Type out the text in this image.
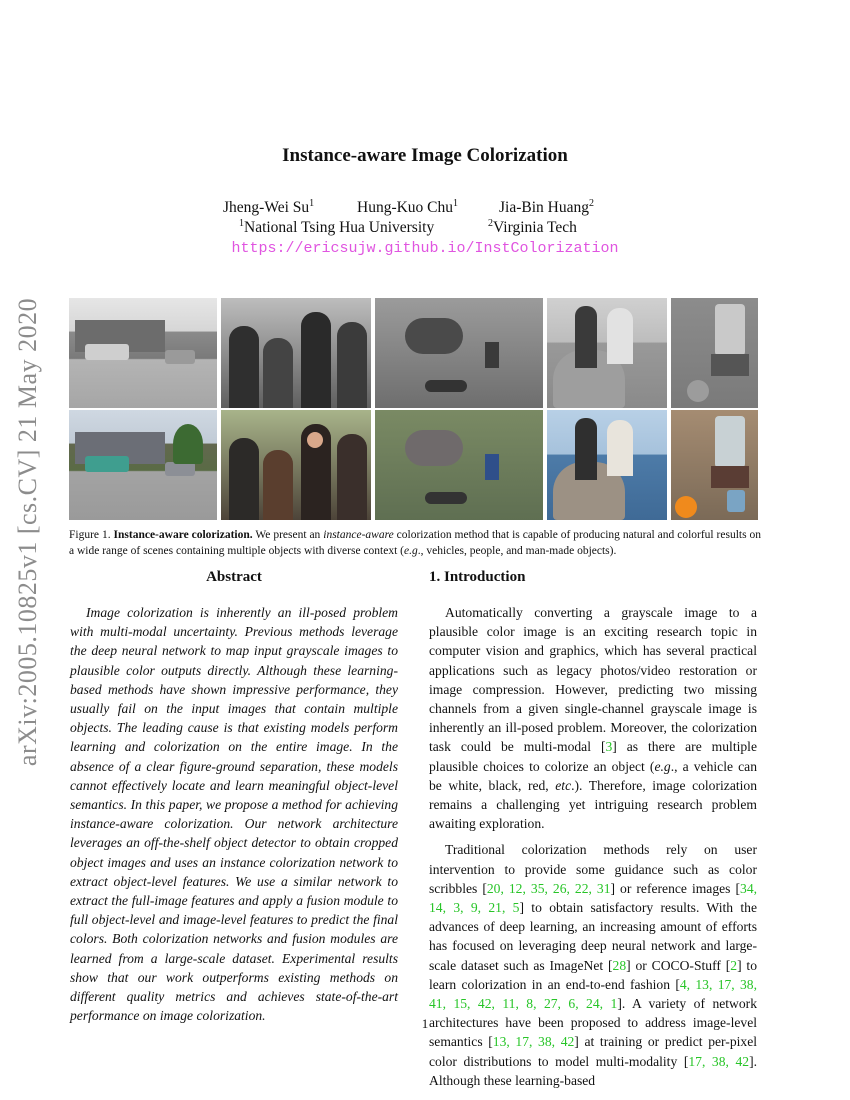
arXiv:2005.10825v1 [cs.CV] 21 May 2020
Instance-aware Image Colorization
Jheng-Wei Su$^1$	Hung-Kuo Chu$^1$	Jia-Bin Huang$^2$
$^1$National Tsing Hua University	$^2$Virginia Tech
https://ericsujw.github.io/InstColorization
Figure 1. Instance-aware colorization. We present an instance-aware colorization method that is capable of producing natural and colorful results on a wide range of scenes containing multiple objects with diverse context (e.g., vehicles, people, and man-made objects).
Abstract

Image colorization is inherently an ill-posed problem with multi-modal uncertainty. Previous methods leverage the deep neural network to map input grayscale images to plausible color outputs directly. Although these learning-based methods have shown impressive performance, they usually fail on the input images that contain multiple objects. The leading cause is that existing models perform learning and colorization on the entire image. In the absence of a clear figure-ground separation, these models cannot effectively locate and learn meaningful object-level semantics. In this paper, we propose a method for achieving instance-aware colorization. Our network architecture leverages an off-the-shelf object detector to obtain cropped object images and uses an instance colorization network to extract object-level features. We use a similar network to extract the full-image features and apply a fusion module to full object-level and image-level features to predict the final colors. Both colorization networks and fusion modules are learned from a large-scale dataset. Experimental results show that our work outperforms existing methods on different quality metrics and achieves state-of-the-art performance on image colorization.

1. Introduction

Automatically converting a grayscale image to a plausible color image is an exciting research topic in computer vision and graphics, which has several practical applications such as legacy photos/video restoration or image compression. However, predicting two missing channels from a given single-channel grayscale image is inherently an ill-posed problem. Moreover, the colorization task could be multi-modal [3] as there are multiple plausible choices to colorize an object (e.g., a vehicle can be white, black, red, etc.). Therefore, image colorization remains a challenging yet intriguing research problem awaiting exploration.

Traditional colorization methods rely on user intervention to provide some guidance such as color scribbles [20, 12, 35, 26, 22, 31] or reference images [34, 14, 3, 9, 21, 5] to obtain satisfactory results. With the advances of deep learning, an increasing amount of efforts has focused on leveraging deep neural network and large-scale dataset such as ImageNet [28] or COCO-Stuff [2] to learn colorization in an end-to-end fashion [4, 13, 17, 38, 41, 15, 42, 11, 8, 27, 6, 24, 1]. A variety of network architectures have been proposed to address image-level semantics [13, 17, 38, 42] at training or predict per-pixel color distributions to model multi-modality [17, 38, 42]. Although these learning-based

1
